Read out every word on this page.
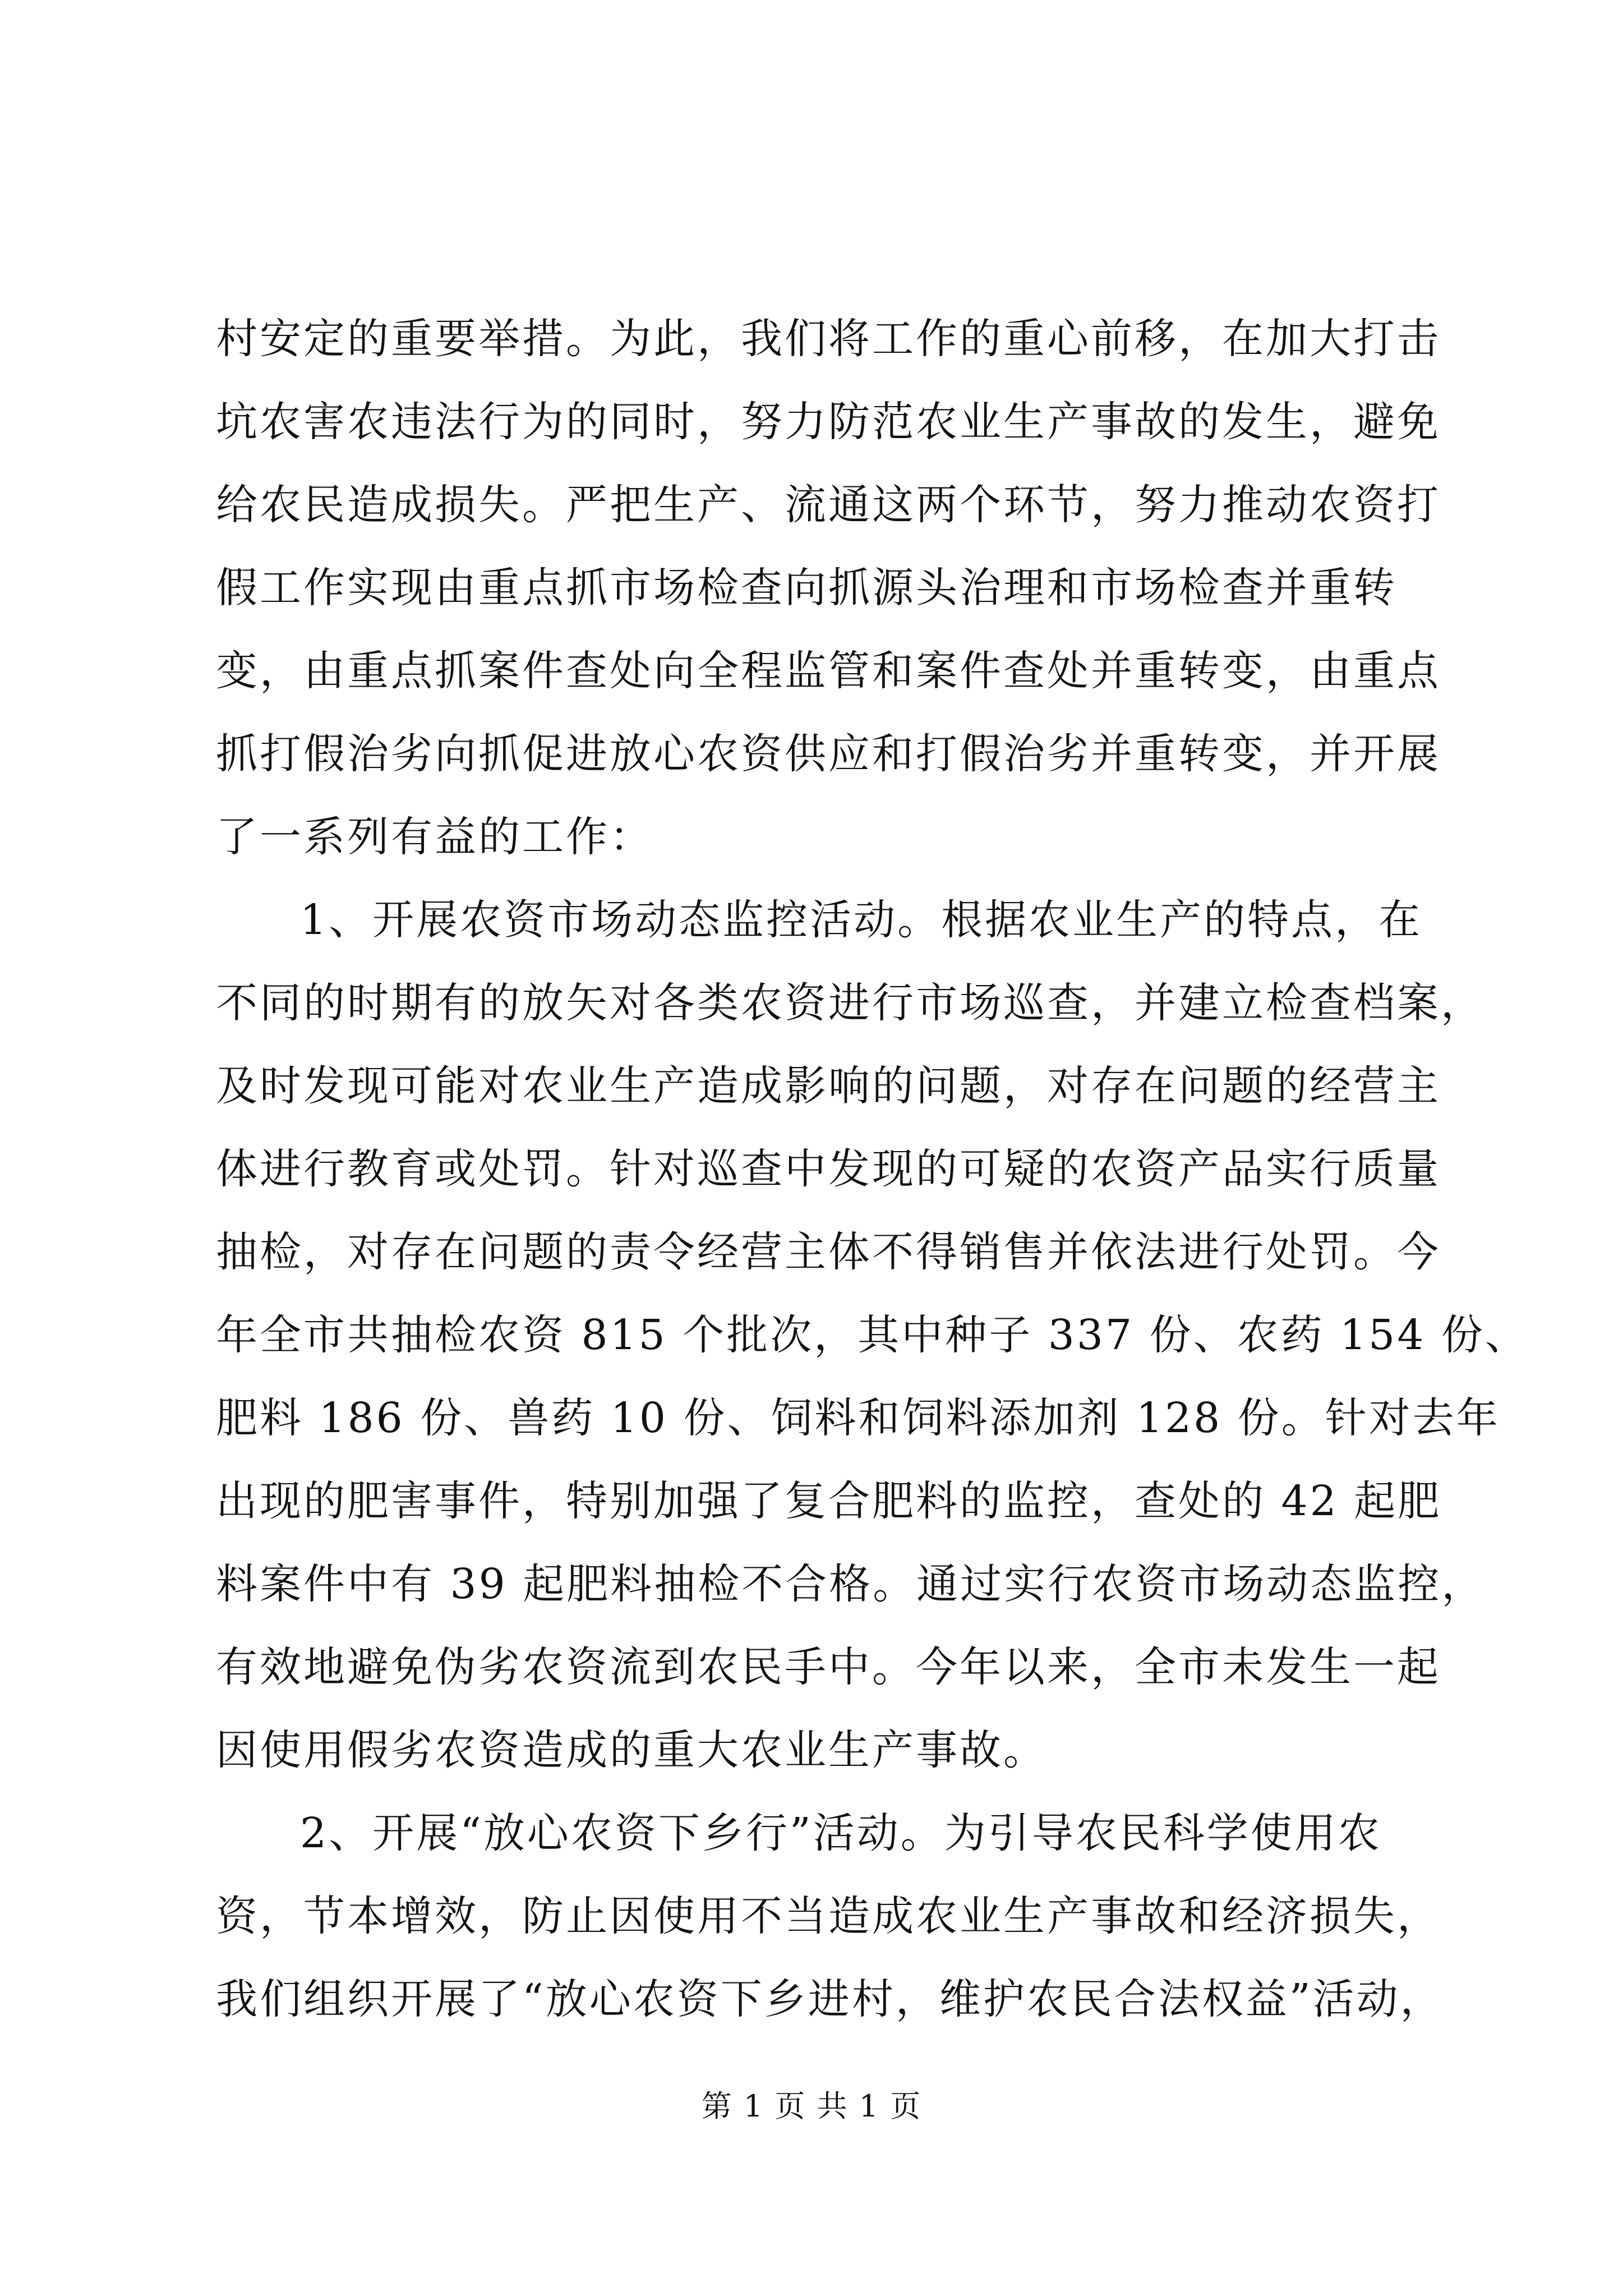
村安定的重要举措。为此，我们将工作的重心前移，在加大打击
坑农害农违法行为的同时，努力防范农业生产事故的发生，避免
给农民造成损失。严把生产、流通这两个环节，努力推动农资打
假工作实现由重点抓市场检查向抓源头治理和市场检查并重转
变，由重点抓案件查处向全程监管和案件查处并重转变，由重点
抓打假治劣向抓促进放心农资供应和打假治劣并重转变，并开展
了一系列有益的工作：
1、开展农资市场动态监控活动。根据农业生产的特点，在
不同的时期有的放矢对各类农资进行市场巡查，并建立检查档案，
及时发现可能对农业生产造成影响的问题，对存在问题的经营主
体进行教育或处罚。针对巡查中发现的可疑的农资产品实行质量
抽检，对存在问题的责令经营主体不得销售并依法进行处罚。今
年全市共抽检农资 815 个批次，其中种子 337 份、农药 154 份、
肥料 186 份、兽药 10 份、饲料和饲料添加剂 128 份。针对去年
出现的肥害事件，特别加强了复合肥料的监控，查处的 42 起肥
料案件中有 39 起肥料抽检不合格。通过实行农资市场动态监控，
有效地避免伪劣农资流到农民手中。今年以来，全市未发生一起
因使用假劣农资造成的重大农业生产事故。
2、开展“放心农资下乡行”活动。为引导农民科学使用农
资，节本增效，防止因使用不当造成农业生产事故和经济损失，
我们组织开展了“放心农资下乡进村，维护农民合法权益”活动，
第 1 页 共 1 页
